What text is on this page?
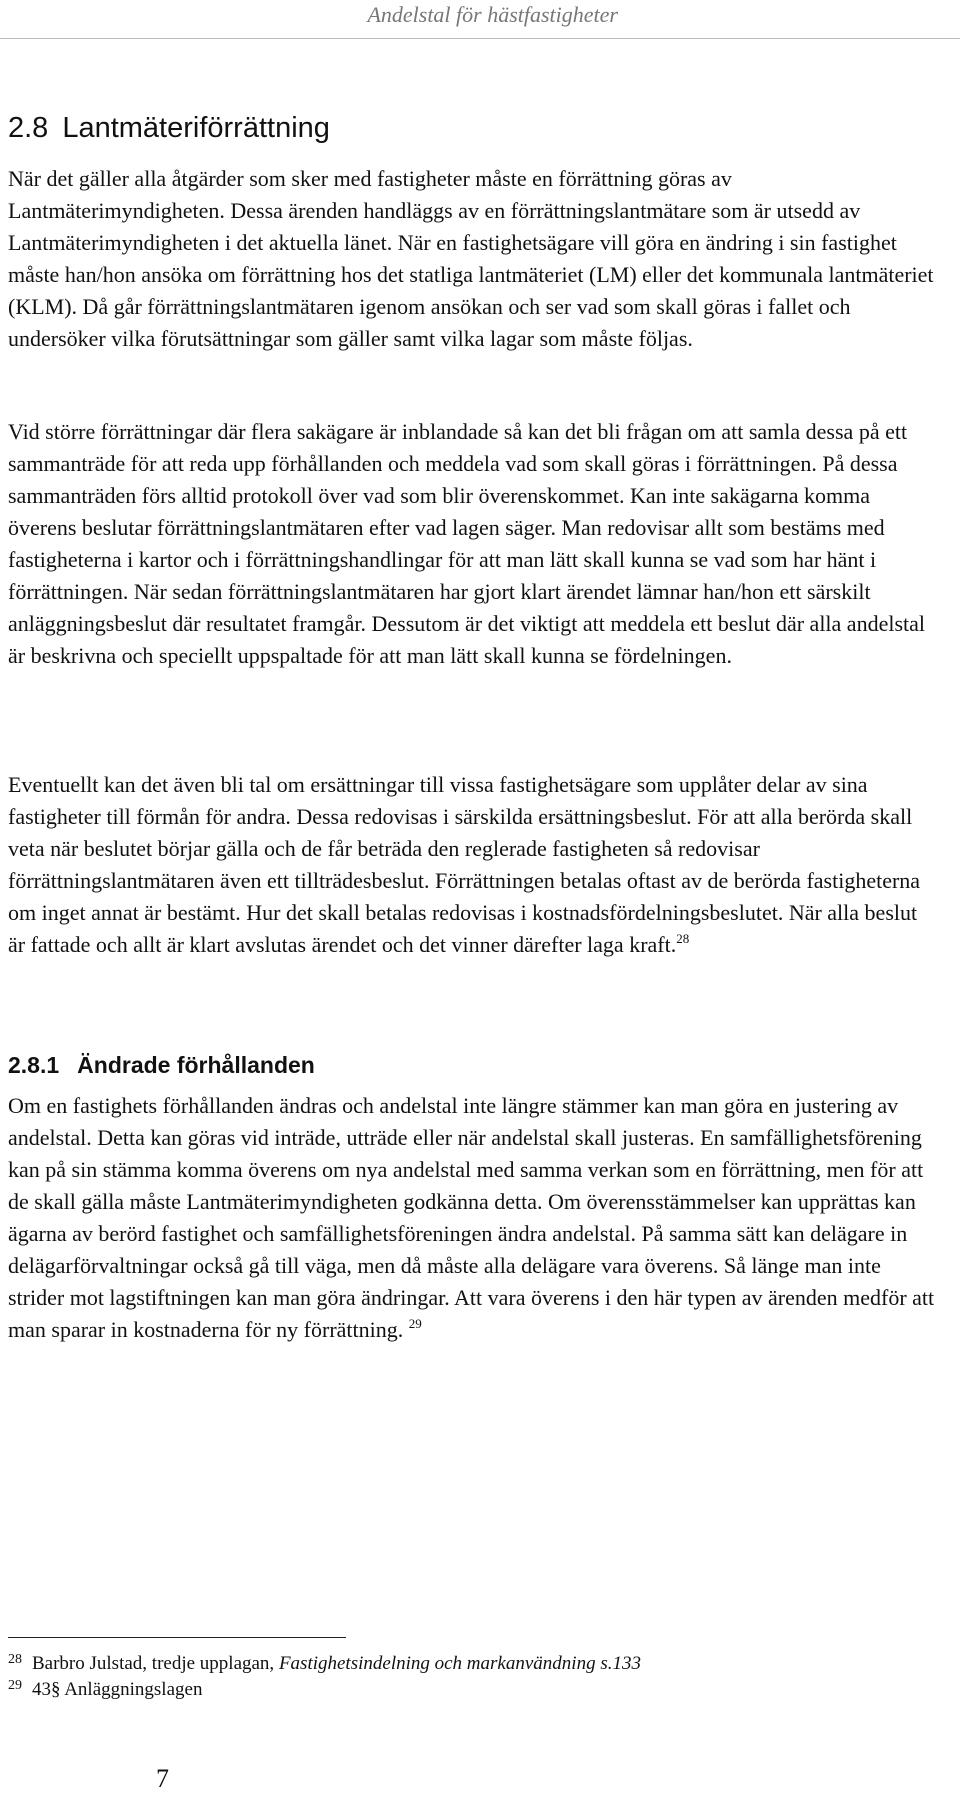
Andelstal för hästfastigheter
2.8 Lantmäteriförrättning

När det gäller alla åtgärder som sker med fastigheter måste en förrättning göras av Lantmäterimyndigheten. Dessa ärenden handläggs av en förrättningslantmätare som är utsedd av Lantmäterimyndigheten i det aktuella länet. När en fastighetsägare vill göra en ändring i sin fastighet måste han/hon ansöka om förrättning hos det statliga lantmäteriet (LM) eller det kommunala lantmäteriet (KLM). Då går förrättningslantmätaren igenom ansökan och ser vad som skall göras i fallet och undersöker vilka förutsättningar som gäller samt vilka lagar som måste följas.

Vid större förrättningar där flera sakägare är inblandade så kan det bli frågan om att samla dessa på ett sammanträde för att reda upp förhållanden och meddela vad som skall göras i förrättningen. På dessa sammanträden förs alltid protokoll över vad som blir överenskommet. Kan inte sakägarna komma överens beslutar förrättningslantmätaren efter vad lagen säger. Man redovisar allt som bestäms med fastigheterna i kartor och i förrättningshandlingar för att man lätt skall kunna se vad som har hänt i förrättningen. När sedan förrättningslantmätaren har gjort klart ärendet lämnar han/hon ett särskilt anläggningsbeslut där resultatet framgår. Dessutom är det viktigt att meddela ett beslut där alla andelstal är beskrivna och speciellt uppspaltade för att man lätt skall kunna se fördelningen.

Eventuellt kan det även bli tal om ersättningar till vissa fastighetsägare som upplåter delar av sina fastigheter till förmån för andra. Dessa redovisas i särskilda ersättningsbeslut. För att alla berörda skall veta när beslutet börjar gälla och de får beträda den reglerade fastigheten så redovisar förrättningslantmätaren även ett tillträdesbeslut. Förrättningen betalas oftast av de berörda fastigheterna om inget annat är bestämt. Hur det skall betalas redovisas i kostnadsfördelningsbeslutet. När alla beslut är fattade och allt är klart avslutas ärendet och det vinner därefter laga kraft.$^{28}$

2.8.1 Ändrade förhållanden

Om en fastighets förhållanden ändras och andelstal inte längre stämmer kan man göra en justering av andelstal. Detta kan göras vid inträde, utträde eller när andelstal skall justeras. En samfällighetsförening kan på sin stämma komma överens om nya andelstal med samma verkan som en förrättning, men för att de skall gälla måste Lantmäterimyndigheten godkänna detta. Om överensstämmelser kan upprättas kan ägarna av berörd fastighet och samfällighetsföreningen ändra andelstal. På samma sätt kan delägare in delägarförvaltningar också gå till väga, men då måste alla delägare vara överens. Så länge man inte strider mot lagstiftningen kan man göra ändringar. Att vara överens i den här typen av ärenden medför att man sparar in kostnaderna för ny förrättning. $^{29}$

$^{28}$ Barbro Julstad, tredje upplagan, Fastighetsindelning och markanvändning s.133
$^{29}$ 43§ Anläggningslagen
7
